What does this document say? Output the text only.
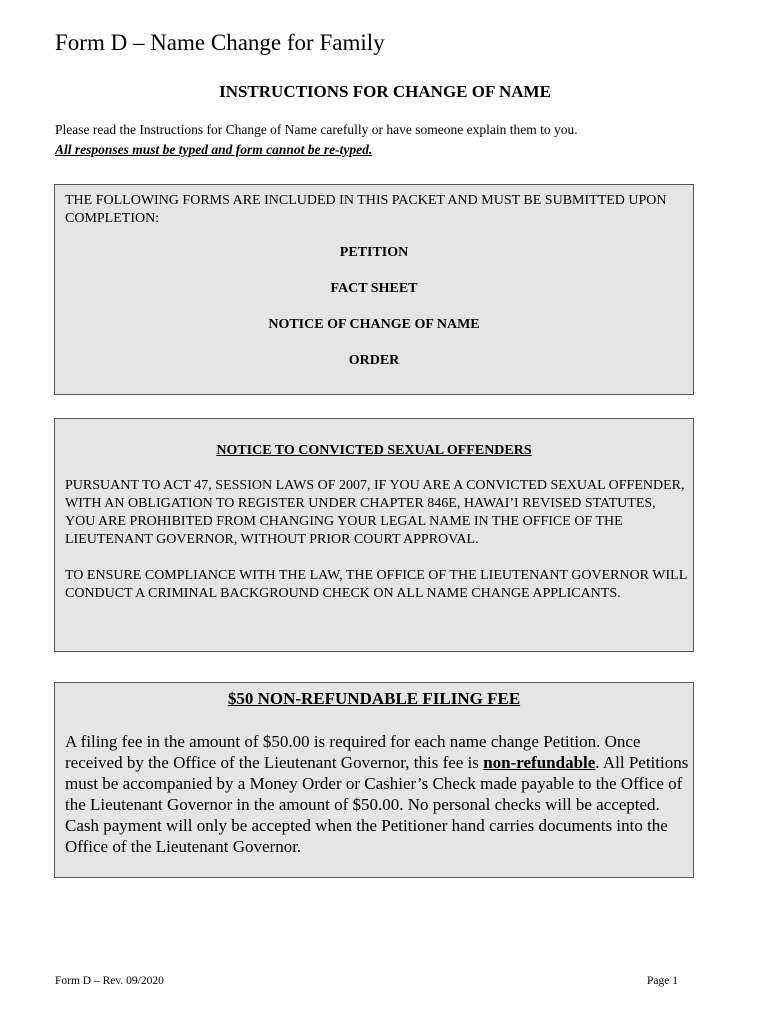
Form D – Name Change for Family
INSTRUCTIONS FOR CHANGE OF NAME
Please read the Instructions for Change of Name carefully or have someone explain them to you.
All responses must be typed and form cannot be re-typed.
THE FOLLOWING FORMS ARE INCLUDED IN THIS PACKET AND MUST BE SUBMITTED UPON COMPLETION:
PETITION
FACT SHEET
NOTICE OF CHANGE OF NAME
ORDER
NOTICE TO CONVICTED SEXUAL OFFENDERS
PURSUANT TO ACT 47, SESSION LAWS OF 2007, IF YOU ARE A CONVICTED SEXUAL OFFENDER, WITH AN OBLIGATION TO REGISTER UNDER CHAPTER 846E, HAWAI’I REVISED STATUTES, YOU ARE PROHIBITED FROM CHANGING YOUR LEGAL NAME IN THE OFFICE OF THE LIEUTENANT GOVERNOR, WITHOUT PRIOR COURT APPROVAL.
TO ENSURE COMPLIANCE WITH THE LAW, THE OFFICE OF THE LIEUTENANT GOVERNOR WILL CONDUCT A CRIMINAL BACKGROUND CHECK ON ALL NAME CHANGE APPLICANTS.
$50 NON-REFUNDABLE FILING FEE
A filing fee in the amount of $50.00 is required for each name change Petition. Once received by the Office of the Lieutenant Governor, this fee is non-refundable. All Petitions must be accompanied by a Money Order or Cashier’s Check made payable to the Office of the Lieutenant Governor in the amount of $50.00. No personal checks will be accepted. Cash payment will only be accepted when the Petitioner hand carries documents into the Office of the Lieutenant Governor.
Form D – Rev. 09/2020	Page 1
